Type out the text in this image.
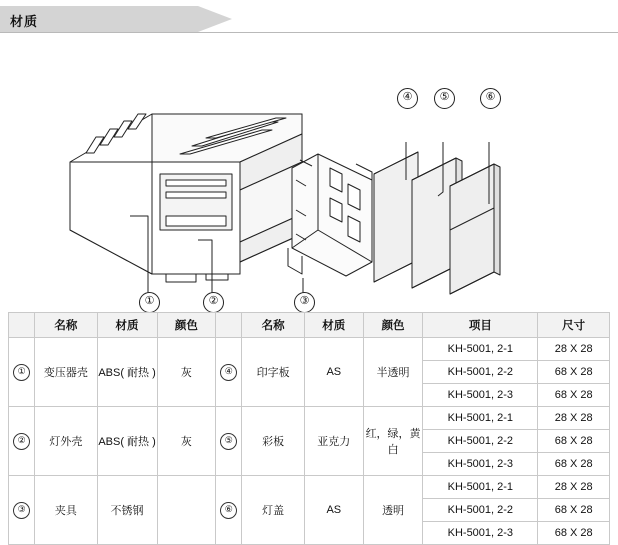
材质
①	②	③
④	⑤	⑥
	名称	材质	颜色		名称	材质	颜色	项目	尺寸
①	变压器壳	ABS( 耐热 )	灰	④	印字板	AS	半透明	KH-5001, 2-1	28 X 28
								KH-5001, 2-2	68 X 28
								KH-5001, 2-3	68 X 28
②	灯外壳	ABS( 耐热 )	灰	⑤	彩板	亚克力	红，绿，黄白	KH-5001, 2-1	28 X 28
								KH-5001, 2-2	68 X 28
								KH-5001, 2-3	68 X 28
③	夹具	不锈钢		⑥	灯盖	AS	透明	KH-5001, 2-1	28 X 28
								KH-5001, 2-2	68 X 28
								KH-5001, 2-3	68 X 28
